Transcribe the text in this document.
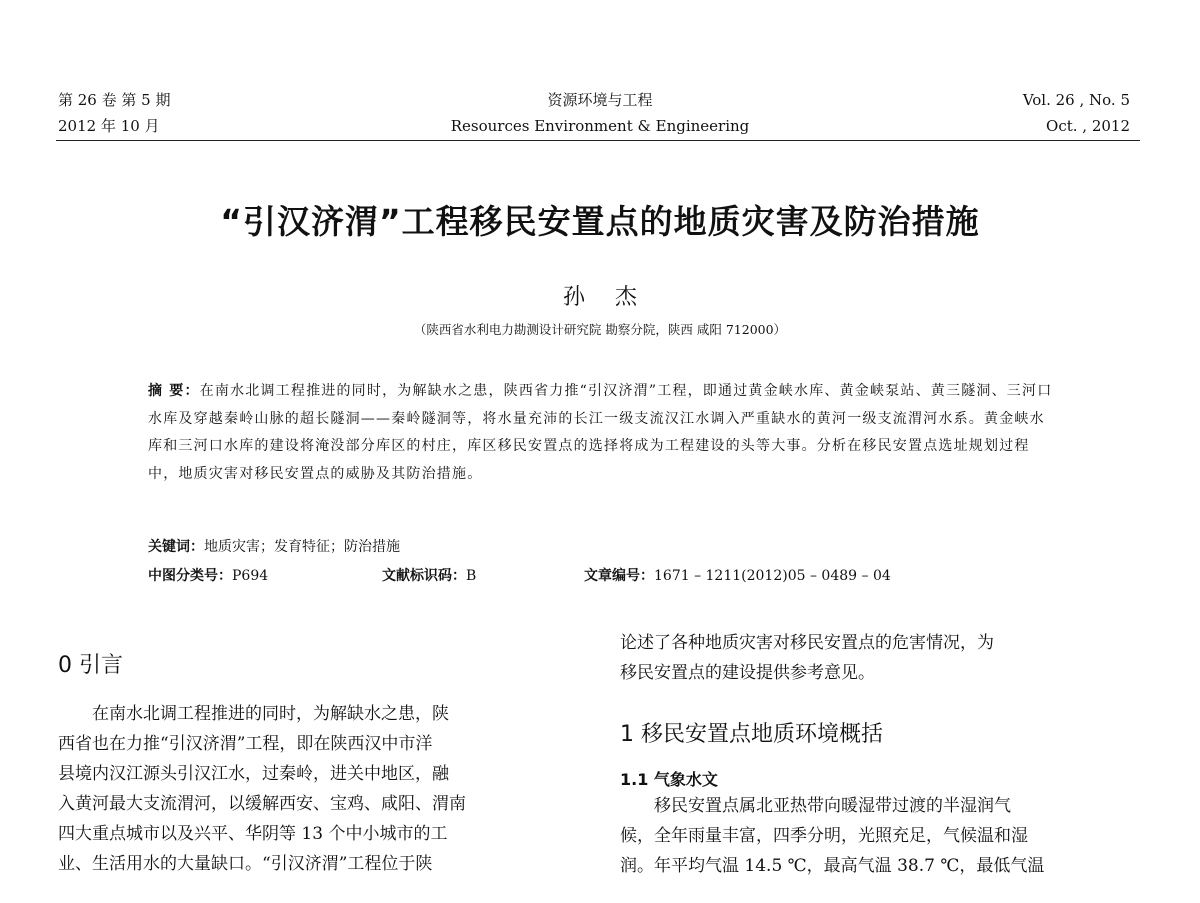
第 26 卷 第 5 期
2012 年 10 月
资源环境与工程
Resources Environment & Engineering
Vol. 26 , No. 5
Oct. , 2012
“引汉济渭”工程移民安置点的地质灾害及防治措施
孙杰
（陕西省水利电力勘测设计研究院 勘察分院，陕西 咸阳 712000）
摘 要：在南水北调工程推进的同时，为解缺水之患，陕西省力推“引汉济渭”工程，即通过黄金峡水库、黄金峡泵站、黄三隧洞、三河口水库及穿越秦岭山脉的超长隧洞——秦岭隧洞等，将水量充沛的长江一级支流汉江水调入严重缺水的黄河一级支流渭河水系。黄金峡水库和三河口水库的建设将淹没部分库区的村庄，库区移民安置点的选择将成为工程建设的头等大事。分析在移民安置点选址规划过程中，地质灾害对移民安置点的威胁及其防治措施。
关键词：地质灾害；发育特征；防治措施
中图分类号：P694	文献标识码：B	文章编号：1671 – 1211(2012)05 – 0489 – 04
0 引言
　　在南水北调工程推进的同时，为解缺水之患，陕
西省也在力推“引汉济渭”工程，即在陕西汉中市洋
县境内汉江源头引汉江水，过秦岭，进关中地区，融
入黄河最大支流渭河，以缓解西安、宝鸡、咸阳、渭南
四大重点城市以及兴平、华阴等 13 个中小城市的工
业、生活用水的大量缺口。“引汉济渭”工程位于陕
论述了各种地质灾害对移民安置点的危害情况，为
移民安置点的建设提供参考意见。
1 移民安置点地质环境概括
1.1 气象水文
　　移民安置点属北亚热带向暖湿带过渡的半湿润气
候，全年雨量丰富，四季分明，光照充足，气候温和湿
润。年平均气温 14.5 ℃，最高气温 38.7 ℃，最低气温
